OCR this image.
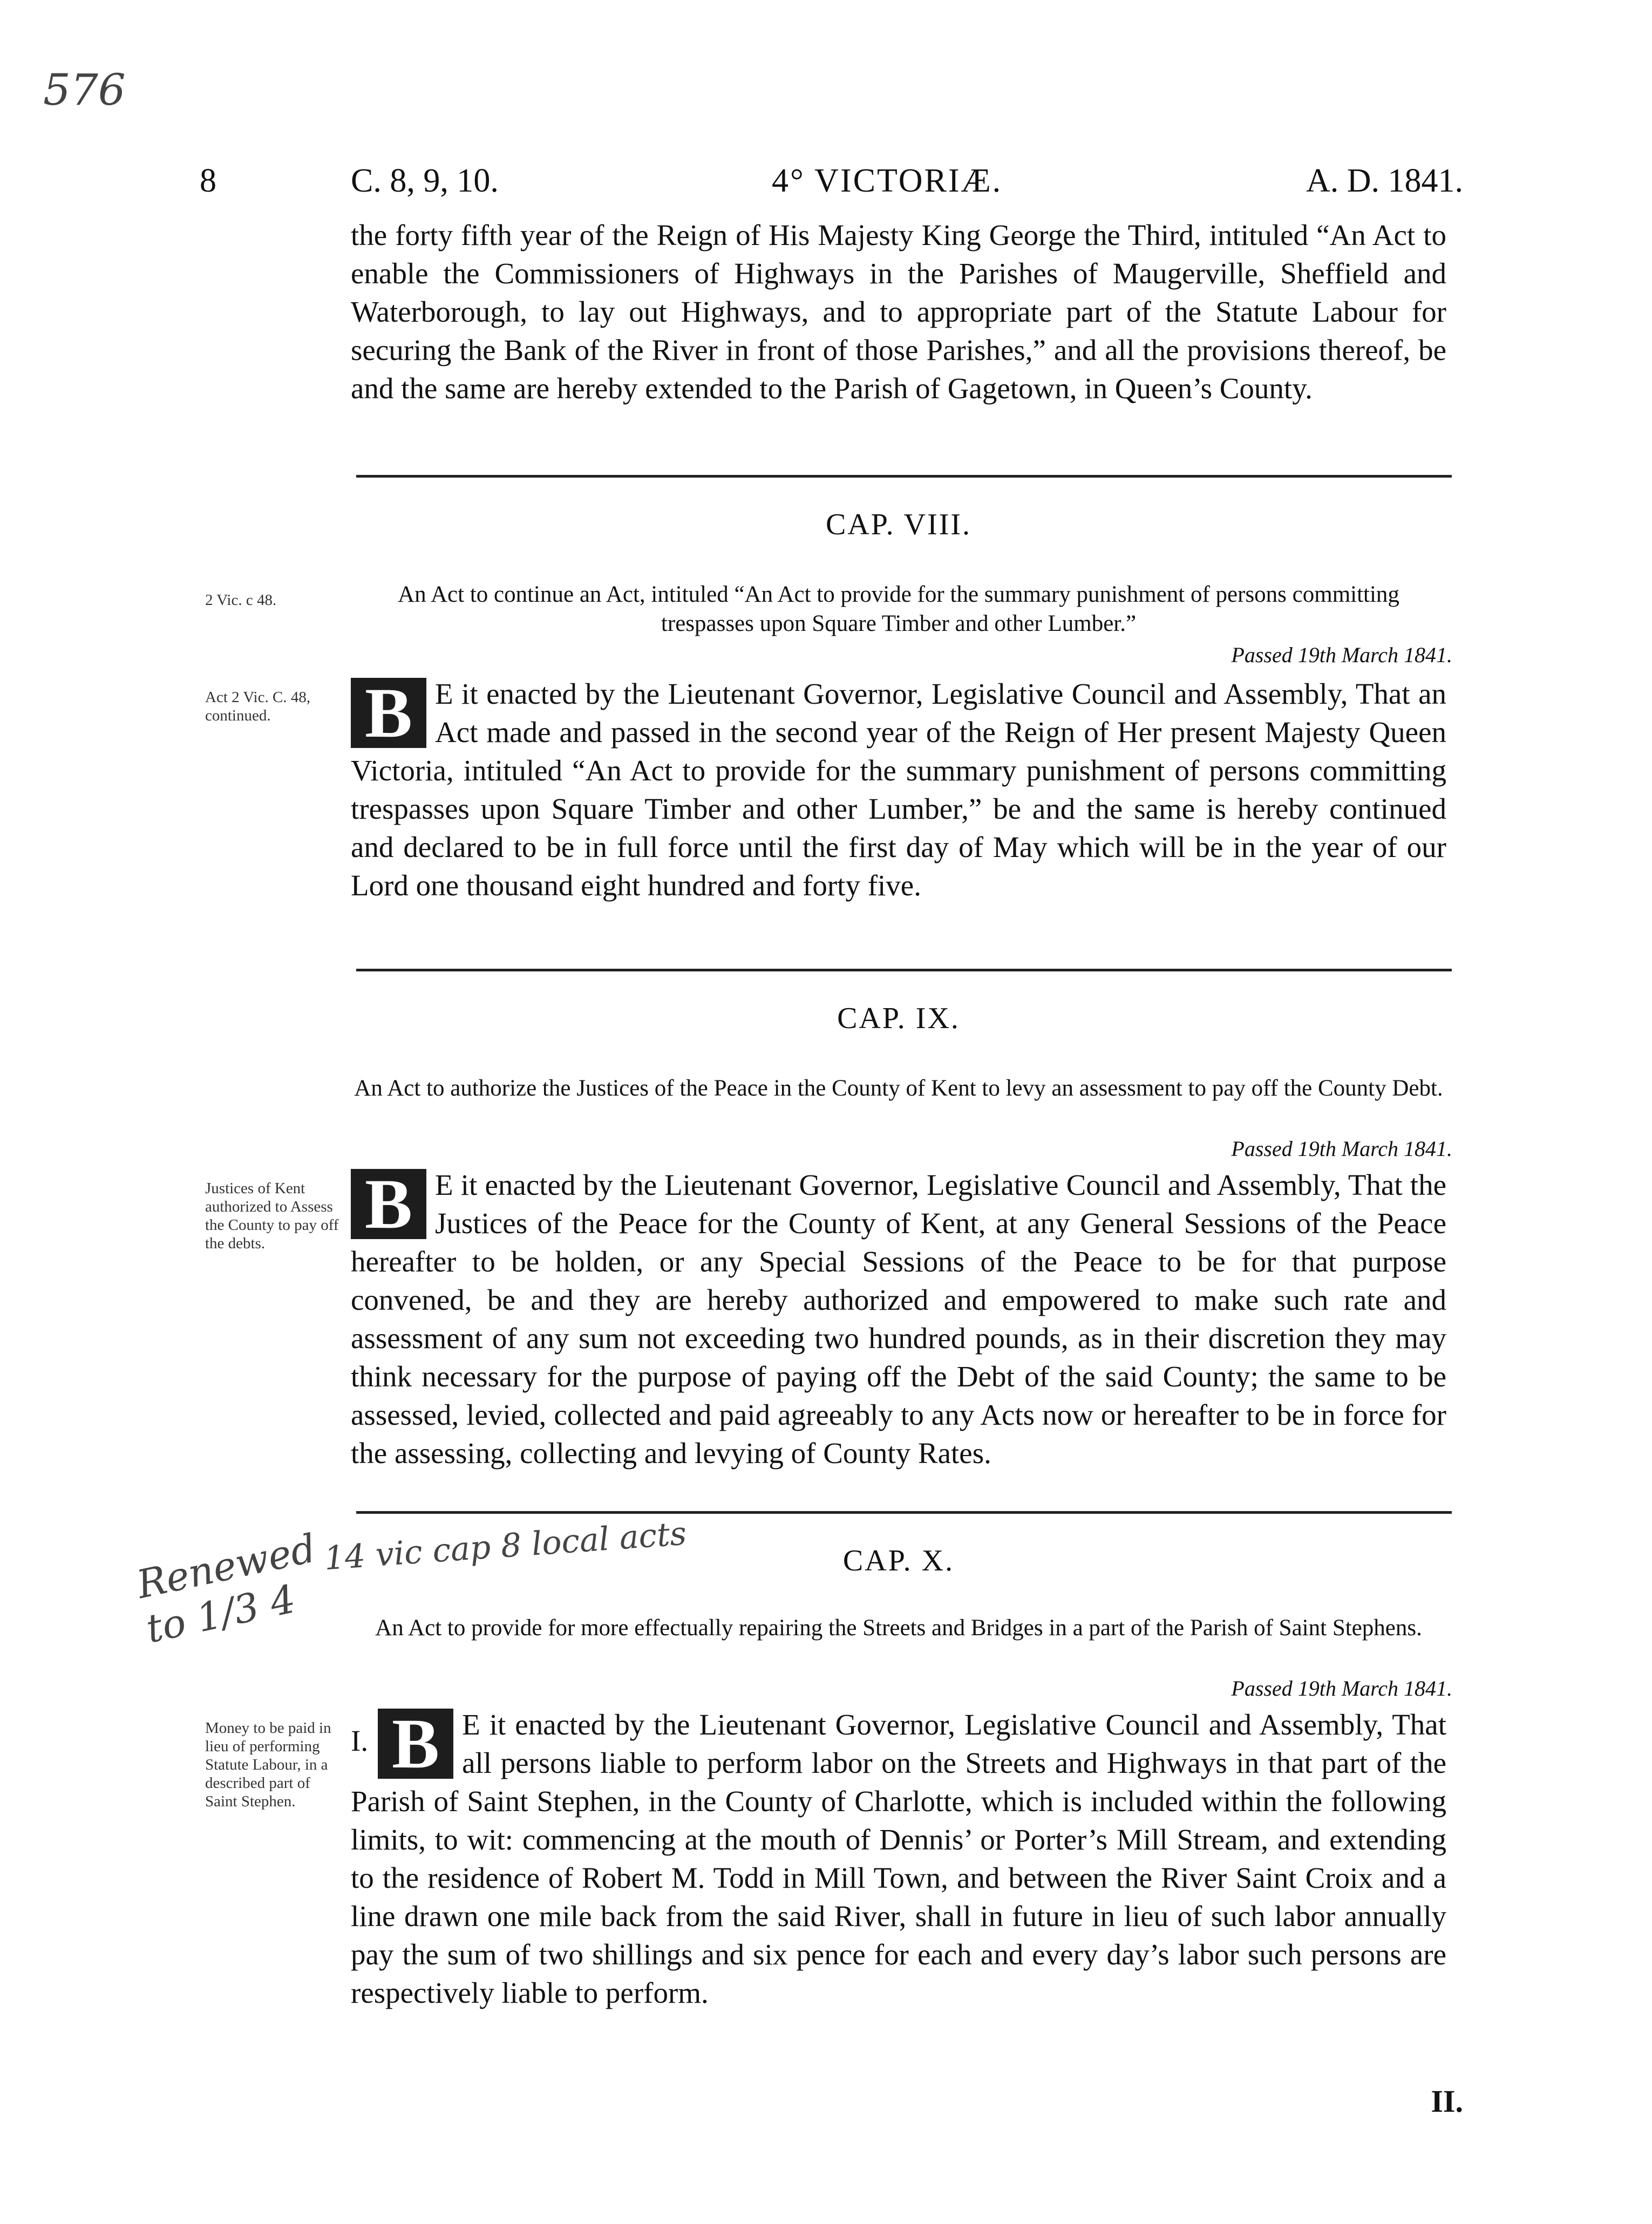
576
Renewed to 1/3 4
14 vic cap 8 local acts
8	C. 8, 9, 10.	4° VICTORIÆ.	A. D. 1841.
the forty fifth year of the Reign of His Majesty King George the Third, intituled “An Act to enable the Commissioners of Highways in the Parishes of Maugerville, Sheffield and Waterborough, to lay out Highways, and to appropriate part of the Statute Labour for securing the Bank of the River in front of those Parishes,” and all the provisions thereof, be and the same are hereby extended to the Parish of Gagetown, in Queen’s County.
CAP. VIII.
2 Vic. c 48.	An Act to continue an Act, intituled “An Act to provide for the summary punishment of persons committing trespasses upon Square Timber and other Lumber.”
Passed 19th March 1841.
Act 2 Vic. C. 48, continued.	B E it enacted by the Lieutenant Governor, Legislative Council and Assembly, That an Act made and passed in the second year of the Reign of Her present Majesty Queen Victoria, intituled “An Act to provide for the summary punishment of persons committing trespasses upon Square Timber and other Lumber,” be and the same is hereby continued and declared to be in full force until the first day of May which will be in the year of our Lord one thousand eight hundred and forty five.
CAP. IX.
An Act to authorize the Justices of the Peace in the County of Kent to levy an assessment to pay off the County Debt.
Passed 19th March 1841.
Justices of Kent authorized to Assess the County to pay off the debts.	B E it enacted by the Lieutenant Governor, Legislative Council and Assembly, That the Justices of the Peace for the County of Kent, at any General Sessions of the Peace hereafter to be holden, or any Special Sessions of the Peace to be for that purpose convened, be and they are hereby authorized and empowered to make such rate and assessment of any sum not exceeding two hundred pounds, as in their discretion they may think necessary for the purpose of paying off the Debt of the said County; the same to be assessed, levied, collected and paid agreeably to any Acts now or hereafter to be in force for the assessing, collecting and levying of County Rates.
CAP. X.
An Act to provide for more effectually repairing the Streets and Bridges in a part of the Parish of Saint Stephens.
Passed 19th March 1841.
Money to be paid in lieu of performing Statute Labour, in a described part of Saint Stephen.
I. B E it enacted by the Lieutenant Governor, Legislative Council and Assembly, That all persons liable to perform labor on the Streets and Highways in that part of the Parish of Saint Stephen, in the County of Charlotte, which is included within the following limits, to wit: commencing at the mouth of Dennis’ or Porter’s Mill Stream, and extending to the residence of Robert M. Todd in Mill Town, and between the River Saint Croix and a line drawn one mile back from the said River, shall in future in lieu of such labor annually pay the sum of two shillings and six pence for each and every day’s labor such persons are respectively liable to perform.
II.
